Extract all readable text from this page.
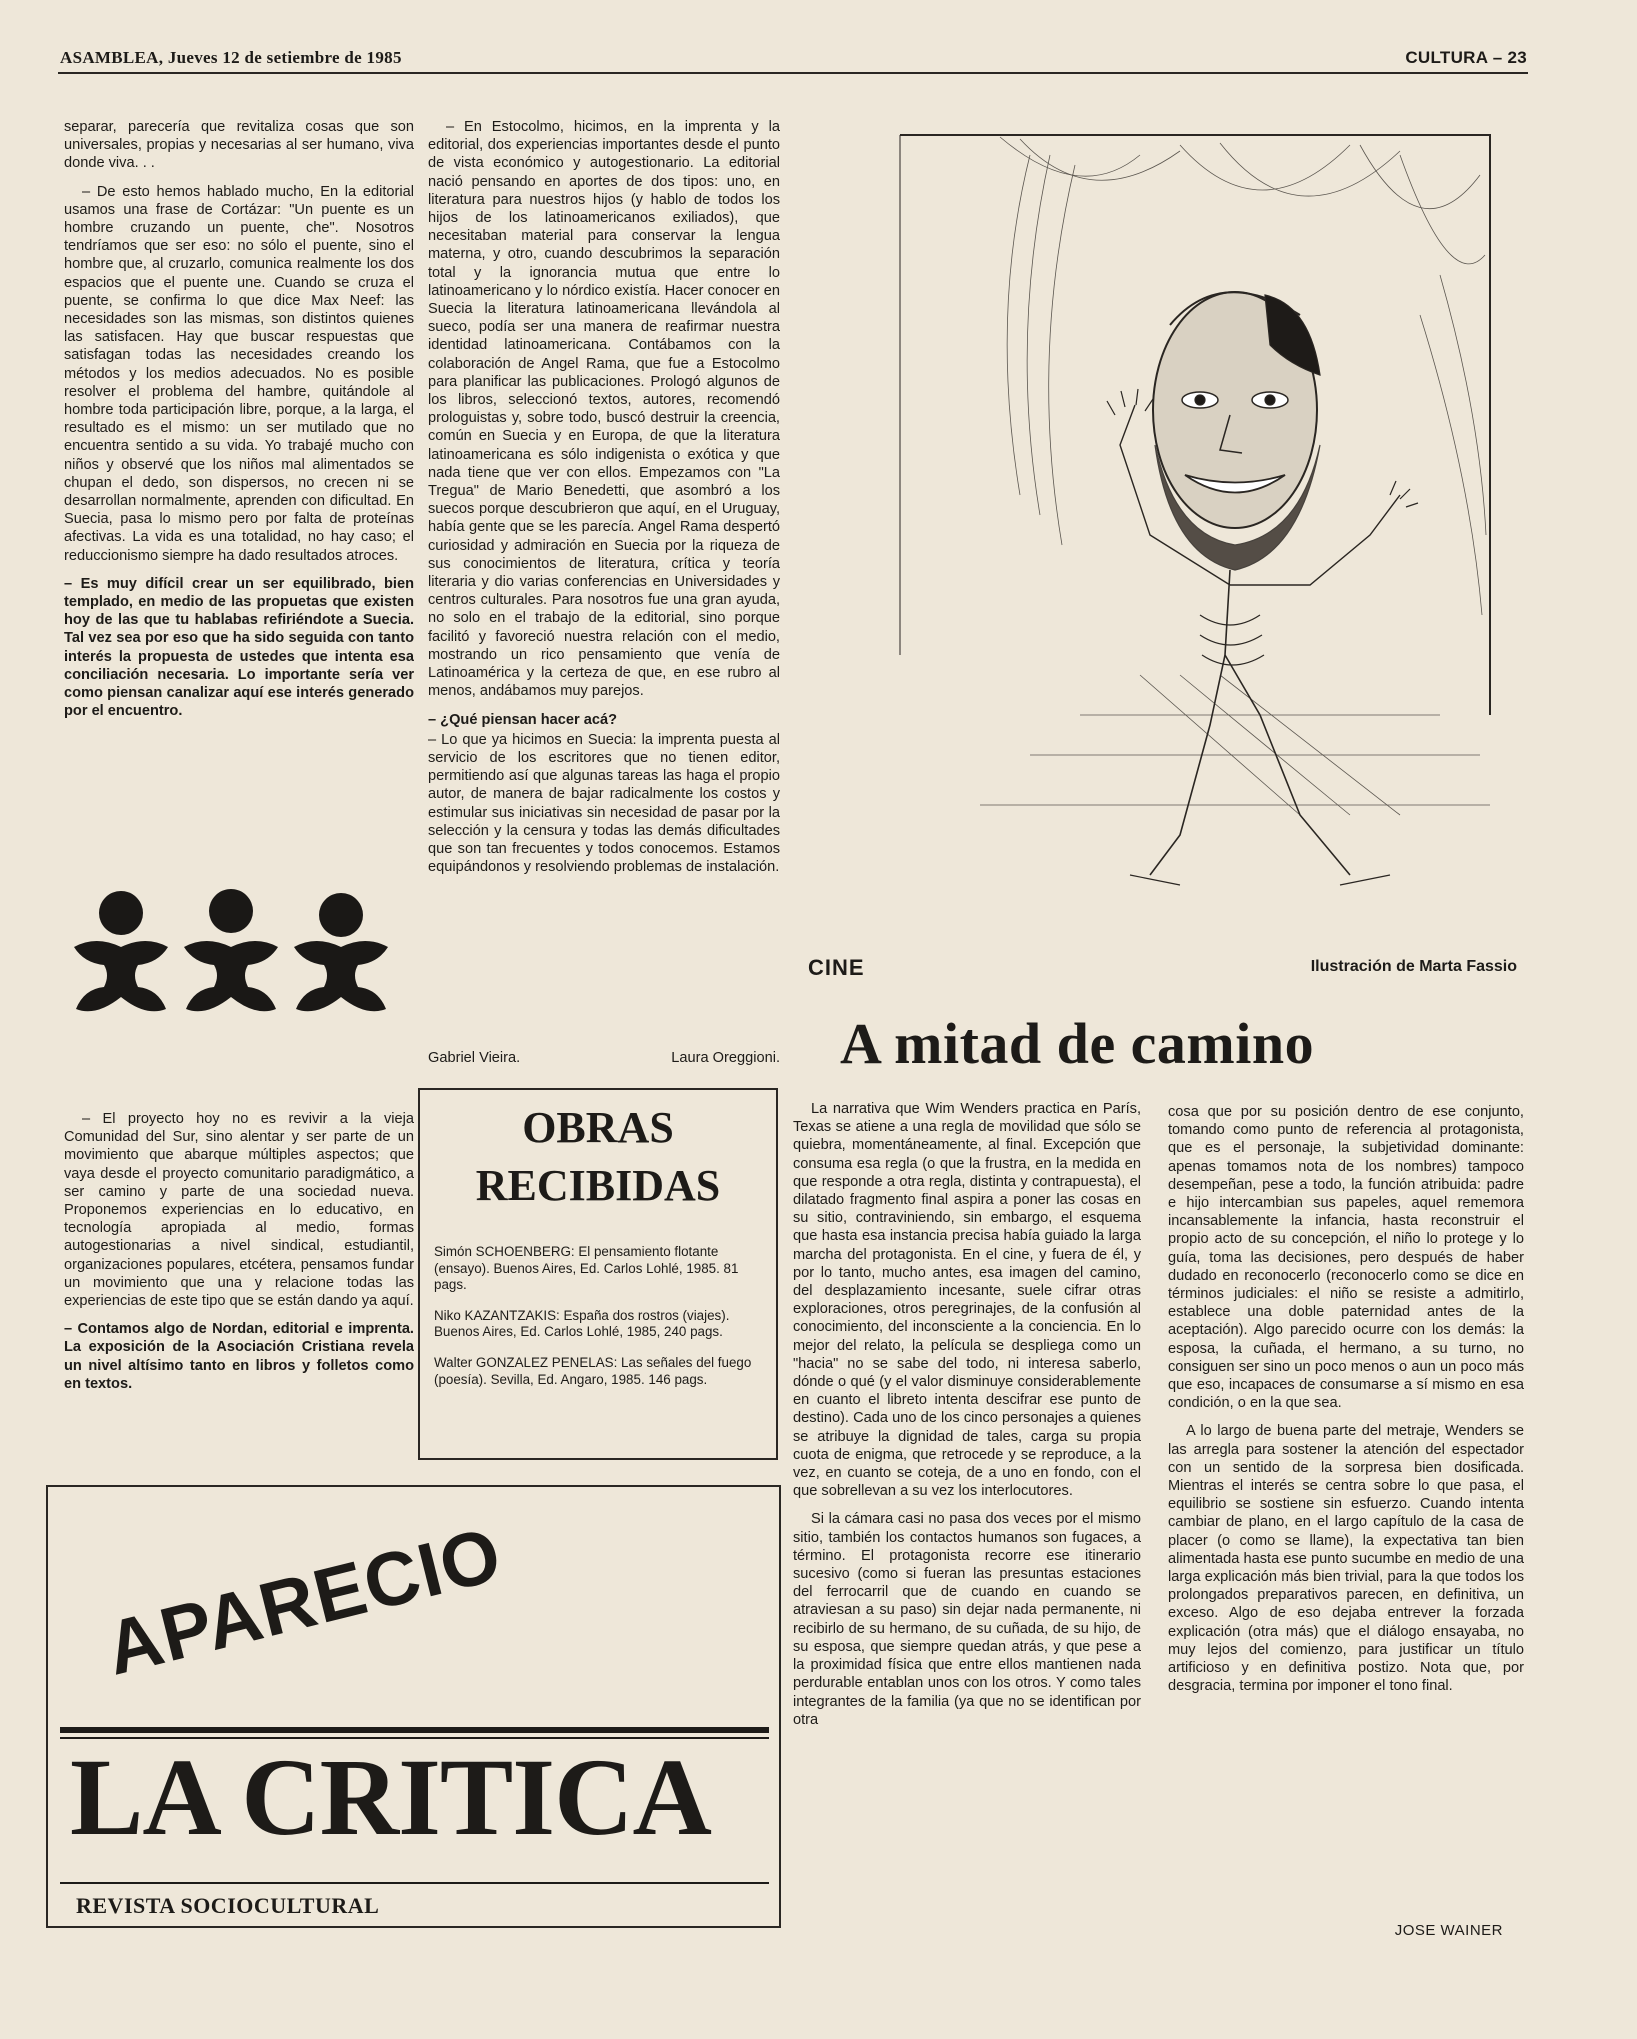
ASAMBLEA, Jueves 12 de setiembre de 1985	CULTURA – 23

separar, parecería que revitaliza cosas que son universales, propias y necesarias al ser humano, viva donde viva. . .

– De esto hemos hablado mucho, En la editorial usamos una frase de Cortázar: "Un puente es un hombre cruzando un puente, che". Nosotros tendríamos que ser eso: no sólo el puente, sino el hombre que, al cruzarlo, comunica realmente los dos espacios que el puente une. Cuando se cruza el puente, se confirma lo que dice Max Neef: las necesidades son las mismas, son distintos quienes las satisfacen. Hay que buscar respuestas que satisfagan todas las necesidades creando los métodos y los medios adecuados. No es posible resolver el problema del hambre, quitándole al hombre toda participación libre, porque, a la larga, el resultado es el mismo: un ser mutilado que no encuentra sentido a su vida. Yo trabajé mucho con niños y observé que los niños mal alimentados se chupan el dedo, son dispersos, no crecen ni se desarrollan normalmente, aprenden con dificultad. En Suecia, pasa lo mismo pero por falta de proteínas afectivas. La vida es una totalidad, no hay caso; el reduccionismo siempre ha dado resultados atroces.

– Es muy difícil crear un ser equilibrado, bien templado, en medio de las propuetas que existen hoy de las que tu hablabas refiriéndote a Suecia. Tal vez sea por eso que ha sido seguida con tanto interés la propuesta de ustedes que intenta esa conciliación necesaria. Lo importante sería ver como piensan canalizar aquí ese interés generado por el encuentro.

– El proyecto hoy no es revivir a la vieja Comunidad del Sur, sino alentar y ser parte de un movimiento que abarque múltiples aspectos; que vaya desde el proyecto comunitario paradigmático, a ser camino y parte de una sociedad nueva. Proponemos experiencias en lo educativo, en tecnología apropiada al medio, formas autogestionarias a nivel sindical, estudiantil, organizaciones populares, etcétera, pensamos fundar un movimiento que una y relacione todas las experiencias de este tipo que se están dando ya aquí.

– Contamos algo de Nordan, editorial e imprenta. La exposición de la Asociación Cristiana revela un nivel altísimo tanto en libros y folletos como en textos.

– En Estocolmo, hicimos, en la imprenta y la editorial, dos experiencias importantes desde el punto de vista económico y autogestionario. La editorial nació pensando en aportes de dos tipos: uno, en literatura para nuestros hijos (y hablo de todos los hijos de los latinoamericanos exiliados), que necesitaban material para conservar la lengua materna, y otro, cuando descubrimos la separación total y la ignorancia mutua que entre lo latinoamericano y lo nórdico existía. Hacer conocer en Suecia la literatura latinoamericana llevándola al sueco, podía ser una manera de reafirmar nuestra identidad latinoamericana. Contábamos con la colaboración de Angel Rama, que fue a Estocolmo para planificar las publicaciones. Prologó algunos de los libros, seleccionó textos, autores, recomendó prologuistas y, sobre todo, buscó destruir la creencia, común en Suecia y en Europa, de que la literatura latinoamericana es sólo indigenista o exótica y que nada tiene que ver con ellos. Empezamos con "La Tregua" de Mario Benedetti, que asombró a los suecos porque descubrieron que aquí, en el Uruguay, había gente que se les parecía. Angel Rama despertó curiosidad y admiración en Suecia por la riqueza de sus conocimientos de literatura, crítica y teoría literaria y dio varias conferencias en Universidades y centros culturales. Para nosotros fue una gran ayuda, no solo en el trabajo de la editorial, sino porque facilitó y favoreció nuestra relación con el medio, mostrando un rico pensamiento que venía de Latinoamérica y la certeza de que, en ese rubro al menos, andábamos muy parejos.

– ¿Qué piensan hacer acá?

– Lo que ya hicimos en Suecia: la imprenta puesta al servicio de los escritores que no tienen editor, permitiendo así que algunas tareas las haga el propio autor, de manera de bajar radicalmente los costos y estimular sus iniciativas sin necesidad de pasar por la selección y la censura y todas las demás dificultades que son tan frecuentes y todos conocemos. Estamos equipándonos y resolviendo problemas de instalación.

Gabriel Vieira.	Laura Oreggioni.
OBRAS
RECIBIDAS

Simón SCHOENBERG: El pensamiento flotante (ensayo). Buenos Aires, Ed. Carlos Lohlé, 1985. 81 pags.

Niko KAZANTZAKIS: España dos rostros (viajes). Buenos Aires, Ed. Carlos Lohlé, 1985, 240 pags.

Walter GONZALEZ PENELAS: Las señales del fuego (poesía). Sevilla, Ed. Angaro, 1985. 146 pags.

APARECIO
LA CRITICA
REVISTA SOCIOCULTURAL
CINE	Ilustración de Marta Fassio
A mitad de camino

La narrativa que Wim Wenders practica en París, Texas se atiene a una regla de movilidad que sólo se quiebra, momentáneamente, al final. Excepción que consuma esa regla (o que la frustra, en la medida en que responde a otra regla, distinta y contrapuesta), el dilatado fragmento final aspira a poner las cosas en su sitio, contraviniendo, sin embargo, el esquema que hasta esa instancia precisa había guiado la larga marcha del protagonista. En el cine, y fuera de él, y por lo tanto, mucho antes, esa imagen del camino, del desplazamiento incesante, suele cifrar otras exploraciones, otros peregrinajes, de la confusión al conocimiento, del inconsciente a la conciencia. En lo mejor del relato, la película se despliega como un "hacia" no se sabe del todo, ni interesa saberlo, dónde o qué (y el valor disminuye considerablemente en cuanto el libreto intenta descifrar ese punto de destino). Cada uno de los cinco personajes a quienes se atribuye la dignidad de tales, carga su propia cuota de enigma, que retrocede y se reproduce, a la vez, en cuanto se coteja, de a uno en fondo, con el que sobrellevan a su vez los interlocutores.

Si la cámara casi no pasa dos veces por el mismo sitio, también los contactos humanos son fugaces, a término. El protagonista recorre ese itinerario sucesivo (como si fueran las presuntas estaciones del ferrocarril que de cuando en cuando se atraviesan a su paso) sin dejar nada permanente, ni recibirlo de su hermano, de su cuñada, de su hijo, de su esposa, que siempre quedan atrás, y que pese a la proximidad física que entre ellos mantienen nada perdurable entablan unos con los otros. Y como tales integrantes de la familia (ya que no se identifican por otra

cosa que por su posición dentro de ese conjunto, tomando como punto de referencia al protagonista, que es el personaje, la subjetividad dominante: apenas tomamos nota de los nombres) tampoco desempeñan, pese a todo, la función atribuida: padre e hijo intercambian sus papeles, aquel rememora incansablemente la infancia, hasta reconstruir el propio acto de su concepción, el niño lo protege y lo guía, toma las decisiones, pero después de haber dudado en reconocerlo (reconocerlo como se dice en términos judiciales: el niño se resiste a admitirlo, establece una doble paternidad antes de la aceptación). Algo parecido ocurre con los demás: la esposa, la cuñada, el hermano, a su turno, no consiguen ser sino un poco menos o aun un poco más que eso, incapaces de consumarse a sí mismo en esa condición, o en la que sea.

A lo largo de buena parte del metraje, Wenders se las arregla para sostener la atención del espectador con un sentido de la sorpresa bien dosificada. Mientras el interés se centra sobre lo que pasa, el equilibrio se sostiene sin esfuerzo. Cuando intenta cambiar de plano, en el largo capítulo de la casa de placer (o como se llame), la expectativa tan bien alimentada hasta ese punto sucumbe en medio de una larga explicación más bien trivial, para la que todos los prolongados preparativos parecen, en definitiva, un exceso. Algo de eso dejaba entrever la forzada explicación (otra más) que el diálogo ensayaba, no muy lejos del comienzo, para justificar un título artificioso y en definitiva postizo. Nota que, por desgracia, termina por imponer el tono final.

JOSE WAINER
